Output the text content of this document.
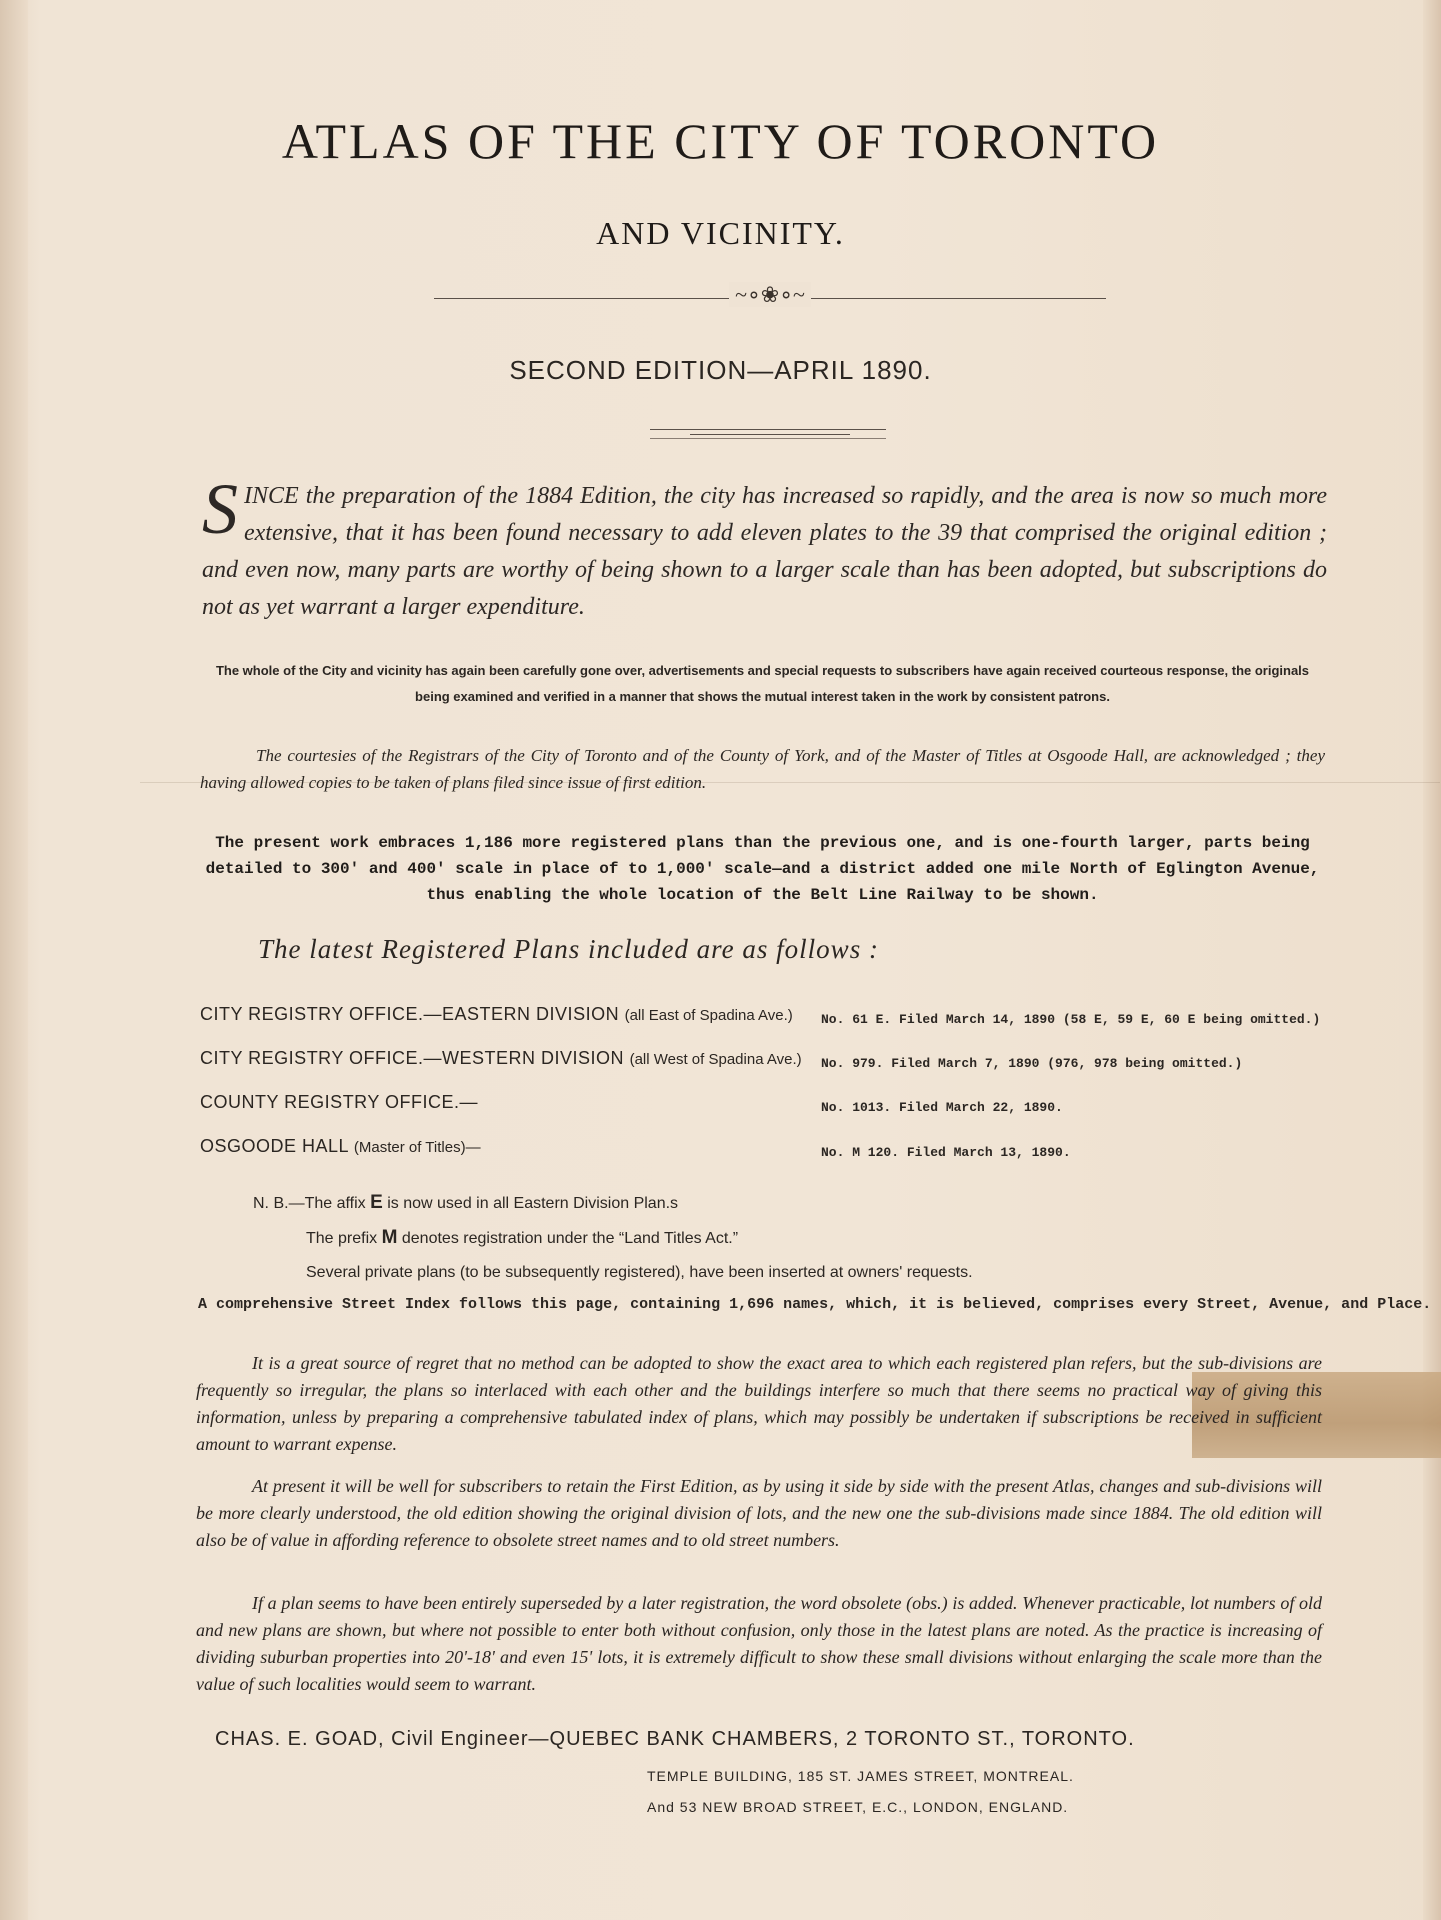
ATLAS OF THE CITY OF TORONTO
AND VICINITY.
~∘❀∘~
SECOND EDITION—APRIL 1890.
SINCE the preparation of the 1884 Edition, the city has increased so rapidly, and the area is now so much more extensive, that it has been found necessary to add eleven plates to the 39 that comprised the original edition ; and even now, many parts are worthy of being shown to a larger scale than has been adopted, but subscriptions do not as yet warrant a larger expenditure.
The whole of the City and vicinity has again been carefully gone over, advertisements and special requests to subscribers have again received courteous response, the originals being examined and verified in a manner that shows the mutual interest taken in the work by consistent patrons.
The courtesies of the Registrars of the City of Toronto and of the County of York, and of the Master of Titles at Osgoode Hall, are acknowledged ; they having allowed copies to be taken of plans filed since issue of first edition.
The present work embraces 1,186 more registered plans than the previous one, and is one-fourth larger, parts being detailed to 300' and 400' scale in place of to 1,000' scale—and a district added one mile North of Eglington Avenue, thus enabling the whole location of the Belt Line Railway to be shown.
The latest Registered Plans included are as follows :
CITY REGISTRY OFFICE.—EASTERN DIVISION (all East of Spadina Ave.) No. 61 E. Filed March 14, 1890 (58 E, 59 E, 60 E being omitted.)
CITY REGISTRY OFFICE.—WESTERN DIVISION (all West of Spadina Ave.) No. 979. Filed March 7, 1890 (976, 978 being omitted.)
COUNTY REGISTRY OFFICE.—	No. 1013. Filed March 22, 1890.
OSGOODE HALL (Master of Titles)—	No. M 120. Filed March 13, 1890.
N. B.—The affix E is now used in all Eastern Division Plan.s
The prefix M denotes registration under the “Land Titles Act.”
Several private plans (to be subsequently registered), have been inserted at owners' requests.
A comprehensive Street Index follows this page, containing 1,696 names, which, it is believed, comprises every Street, Avenue, and Place.
It is a great source of regret that no method can be adopted to show the exact area to which each registered plan refers, but the sub-divisions are frequently so irregular, the plans so interlaced with each other and the buildings interfere so much that there seems no practical way of giving this information, unless by preparing a comprehensive tabulated index of plans, which may possibly be undertaken if subscriptions be received in sufficient amount to warrant expense.
At present it will be well for subscribers to retain the First Edition, as by using it side by side with the present Atlas, changes and sub-divisions will be more clearly understood, the old edition showing the original division of lots, and the new one the sub-divisions made since 1884. The old edition will also be of value in affording reference to obsolete street names and to old street numbers.
If a plan seems to have been entirely superseded by a later registration, the word obsolete (obs.) is added. Whenever practicable, lot numbers of old and new plans are shown, but where not possible to enter both without confusion, only those in the latest plans are noted. As the practice is increasing of dividing suburban properties into 20'-18' and even 15' lots, it is extremely difficult to show these small divisions without enlarging the scale more than the value of such localities would seem to warrant.
CHAS. E. GOAD, Civil Engineer—QUEBEC BANK CHAMBERS, 2 TORONTO ST., TORONTO.
TEMPLE BUILDING, 185 ST. JAMES STREET, MONTREAL.
And 53 NEW BROAD STREET, E.C., LONDON, ENGLAND.
